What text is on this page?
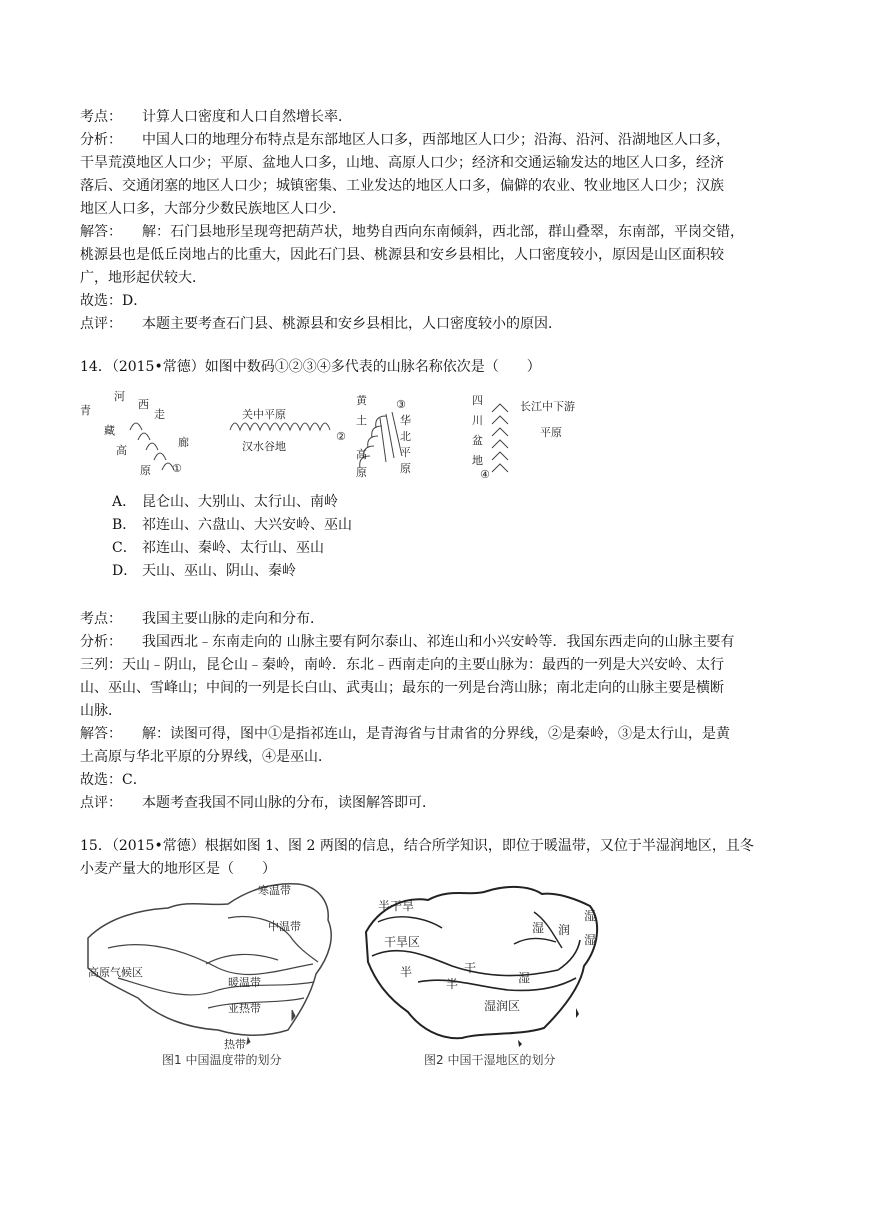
考点： 计算人口密度和人口自然增长率．
分析： 中国人口的地理分布特点是东部地区人口多，西部地区人口少；沿海、沿河、沿湖地区人口多，
干旱荒漠地区人口少；平原、盆地人口多，山地、高原人口少；经济和交通运输发达的地区人口多，经济
落后、交通闭塞的地区人口少；城镇密集、工业发达的地区人口多，偏僻的农业、牧业地区人口少；汉族
地区人口多，大部分少数民族地区人口少．
解答： 解：石门县地形呈现弯把葫芦状，地势自西向东南倾斜，西北部，群山叠翠，东南部，平岗交错，
桃源县也是低丘岗地占的比重大，因此石门县、桃源县和安乡县相比，人口密度较小，原因是山区面积较
广，地形起伏较大．
故选：D．
点评： 本题主要考查石门县、桃源县和安乡县相比，人口密度较小的原因．
14．（2015•常德）如图中数码①②③④多代表的山脉名称依次是（　　）
河
西
青	走
藏
廊
高
原 ①
关中平原
汉水谷地
②
黄
土
③
华
北
高	平
原	原
四
川
盆
地
长江中下游
平原
④
A． 昆仑山、大别山、太行山、南岭
B． 祁连山、六盘山、大兴安岭、巫山
C． 祁连山、秦岭、太行山、巫山
D． 天山、巫山、阴山、秦岭
考点： 我国主要山脉的走向和分布．
分析： 我国西北﹣东南走向的 山脉主要有阿尔泰山、祁连山和小兴安岭等．我国东西走向的山脉主要有
三列：天山﹣阴山，昆仑山﹣秦岭，南岭．东北﹣西南走向的主要山脉为：最西的一列是大兴安岭、太行
山、巫山、雪峰山；中间的一列是长白山、武夷山；最东的一列是台湾山脉；南北走向的山脉主要是横断
山脉．
解答： 解：读图可得，图中①是指祁连山，是青海省与甘肃省的分界线，②是秦岭，③是太行山，是黄
土高原与华北平原的分界线，④是巫山．
故选：C．
点评： 本题考查我国不同山脉的分布，读图解答即可．
15．（2015•常德）根据如图 1、图 2 两图的信息，结合所学知识，即位于暖温带，又位于半湿润地区，且冬
小麦产量大的地形区是（　　）
寒温带
中温带
高原气候区
暖温带
亚热带
热带
图1 中国温度带的划分
半干旱
干旱区
半	干
湿 润
湿
湿
半	湿
湿润区
图2 中国干湿地区的划分
